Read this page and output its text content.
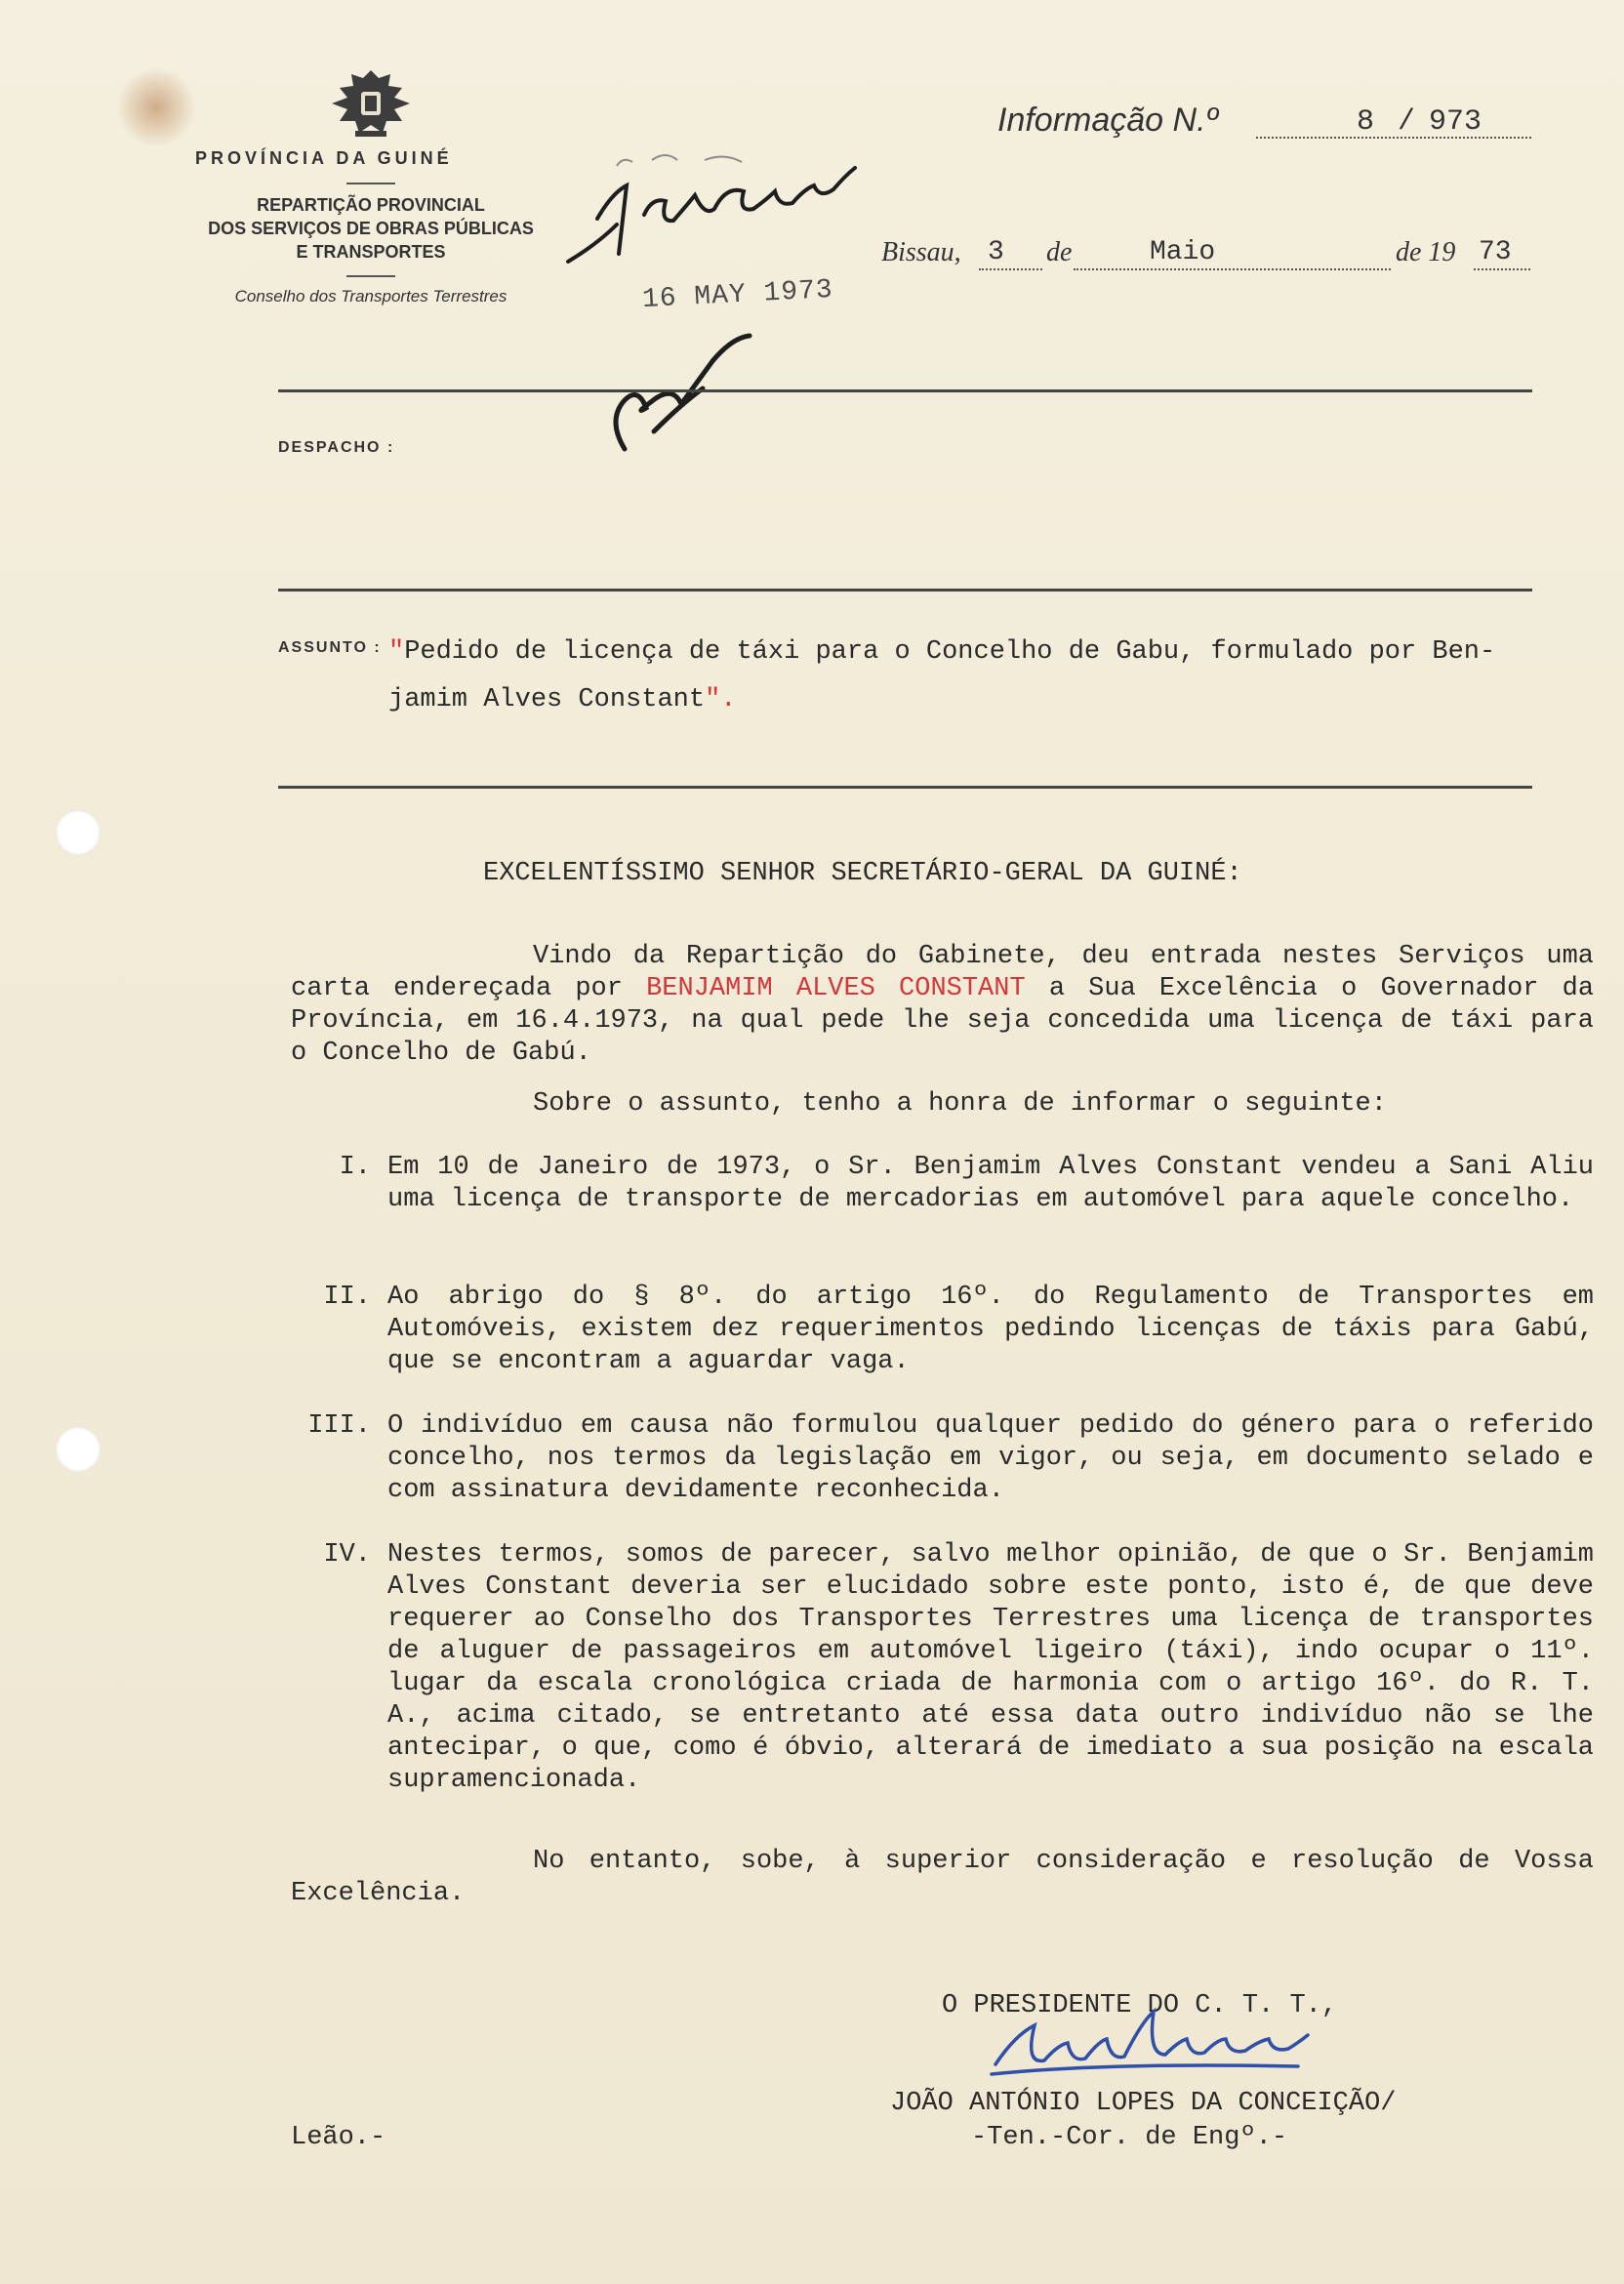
PROVÍNCIA DA GUINÉ
REPARTIÇÃO PROVINCIAL
DOS SERVIÇOS DE OBRAS PÚBLICAS
E TRANSPORTES
Conselho dos Transportes Terrestres
Informação N.º	8 / 973
Bissau, 3 de	Maio	de 19 73
16 MAY 1973
DESPACHO :
ASSUNTO : "Pedido de licença de táxi para o Concelho de Gabu, formulado por Ben- jamim Alves Constant".
EXCELENTÍSSIMO SENHOR SECRETÁRIO-GERAL DA GUINÉ:
Vindo da Repartição do Gabinete, deu entrada nestes Serviços uma carta endereçada por BENJAMIM ALVES CONSTANT a Sua Excelência o Governador da Província, em 16.4.1973, na qual pede lhe seja concedida uma licença de táxi para o Concelho de Gabú.
Sobre o assunto, tenho a honra de informar o seguinte:
I. Em 10 de Janeiro de 1973, o Sr. Benjamim Alves Constant vendeu a Sani Aliu uma licença de transporte de mercadorias em automóvel para aquele concelho.
II. Ao abrigo do § 8º. do artigo 16º. do Regulamento de Transportes em Automóveis, existem dez requerimentos pedindo licenças de táxis para Gabú, que se encontram a aguardar vaga.
III. O indivíduo em causa não formulou qualquer pedido do género para o referido concelho, nos termos da legislação em vigor, ou seja, em documento selado e com assinatura devidamente reconhecida.
IV. Nestes termos, somos de parecer, salvo melhor opinião, de que o Sr. Benjamim Alves Constant deveria ser elucidado sobre este ponto, isto é, de que deve requerer ao Conselho dos Transportes Terrestres uma licença de transportes de aluguer de passageiros em automóvel ligeiro (táxi), indo ocupar o 11º. lugar da escala cronológica criada de harmonia com o artigo 16º. do R. T. A., acima citado, se entretanto até essa data outro indivíduo não se lhe antecipar, o que, como é óbvio, alterará de imediato a sua posição na escala supramencionada.
No entanto, sobe, à superior consideração e resolução de Vossa Excelência.
O PRESIDENTE DO C. T. T.,
JOÃO ANTÓNIO LOPES DA CONCEIÇÃO/
-Ten.-Cor. de Engº.-
Leão.-
